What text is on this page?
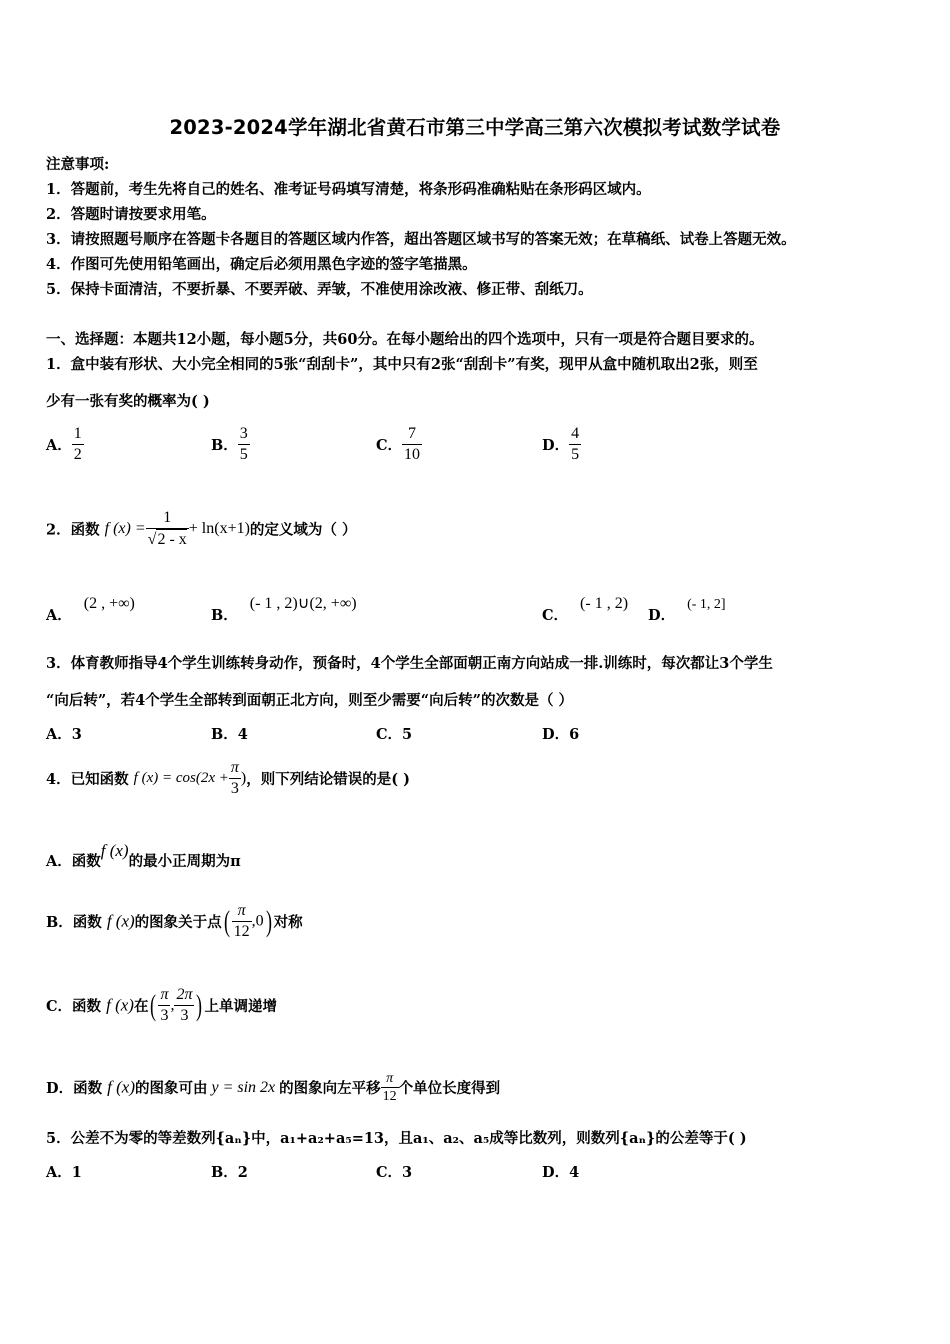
2023-2024学年湖北省黄石市第三中学高三第六次模拟考试数学试卷
注意事项:
1．答题前，考生先将自己的姓名、准考证号码填写清楚，将条形码准确粘贴在条形码区域内。
2．答题时请按要求用笔。
3．请按照题号顺序在答题卡各题目的答题区域内作答，超出答题区域书写的答案无效；在草稿纸、试卷上答题无效。
4．作图可先使用铅笔画出，确定后必须用黑色字迹的签字笔描黑。
5．保持卡面清洁，不要折暴、不要弄破、弄皱，不准使用涂改液、修正带、刮纸刀。
一、选择题：本题共12小题，每小题5分，共60分。在每小题给出的四个选项中，只有一项是符合题目要求的。
1．盒中装有形状、大小完全相同的5张“刮刮卡”，其中只有2张“刮刮卡”有奖，现甲从盒中随机取出2张，则至
少有一张有奖的概率为( )
A． $\frac{1}{2}$	B． $\frac{3}{5}$	C． $\frac{7}{10}$	D． $\frac{4}{5}$
2．函数 f $(x) = \frac{1}{√2 - x} + \ln(x+1)$的定义域为（ ）
A．(2 , +∞)
B．(- 1 , 2)∪(2, +∞)
C．(- 1 , 2)
D．(- 1, 2]
3．体育教师指导4个学生训练转身动作，预备时，4个学生全部面朝正南方向站成一排.训练时，每次都让3个学生
“向后转”，若4个学生全部转到面朝正北方向，则至少需要“向后转”的次数是（ ）
A．3	B．4	C．5	D．6
4．已知函数 f $(x) = \cos(2x + \frac{\pi}{3}$ )，则下列结论错误的是( )
A．函数f (x)的最小正周期为π
B．函数 f (x)的图象关于点( $\frac{\pi}{12} ,0$) 对称
C．函数 f (x)在( $\frac{\pi}{3}$ , $\frac{2\pi}{3}$ ) 上单调递增
D．函数 f (x)的图象可由 y = sin 2x 的图象向左平移 $\frac{\pi}{12}$ 个单位长度得到
5．公差不为零的等差数列{aₙ}中，a₁+a₂+a₅=13，且a₁、a₂、a₅成等比数列，则数列{aₙ}的公差等于( )
A．1	B．2	C．3	D．4
